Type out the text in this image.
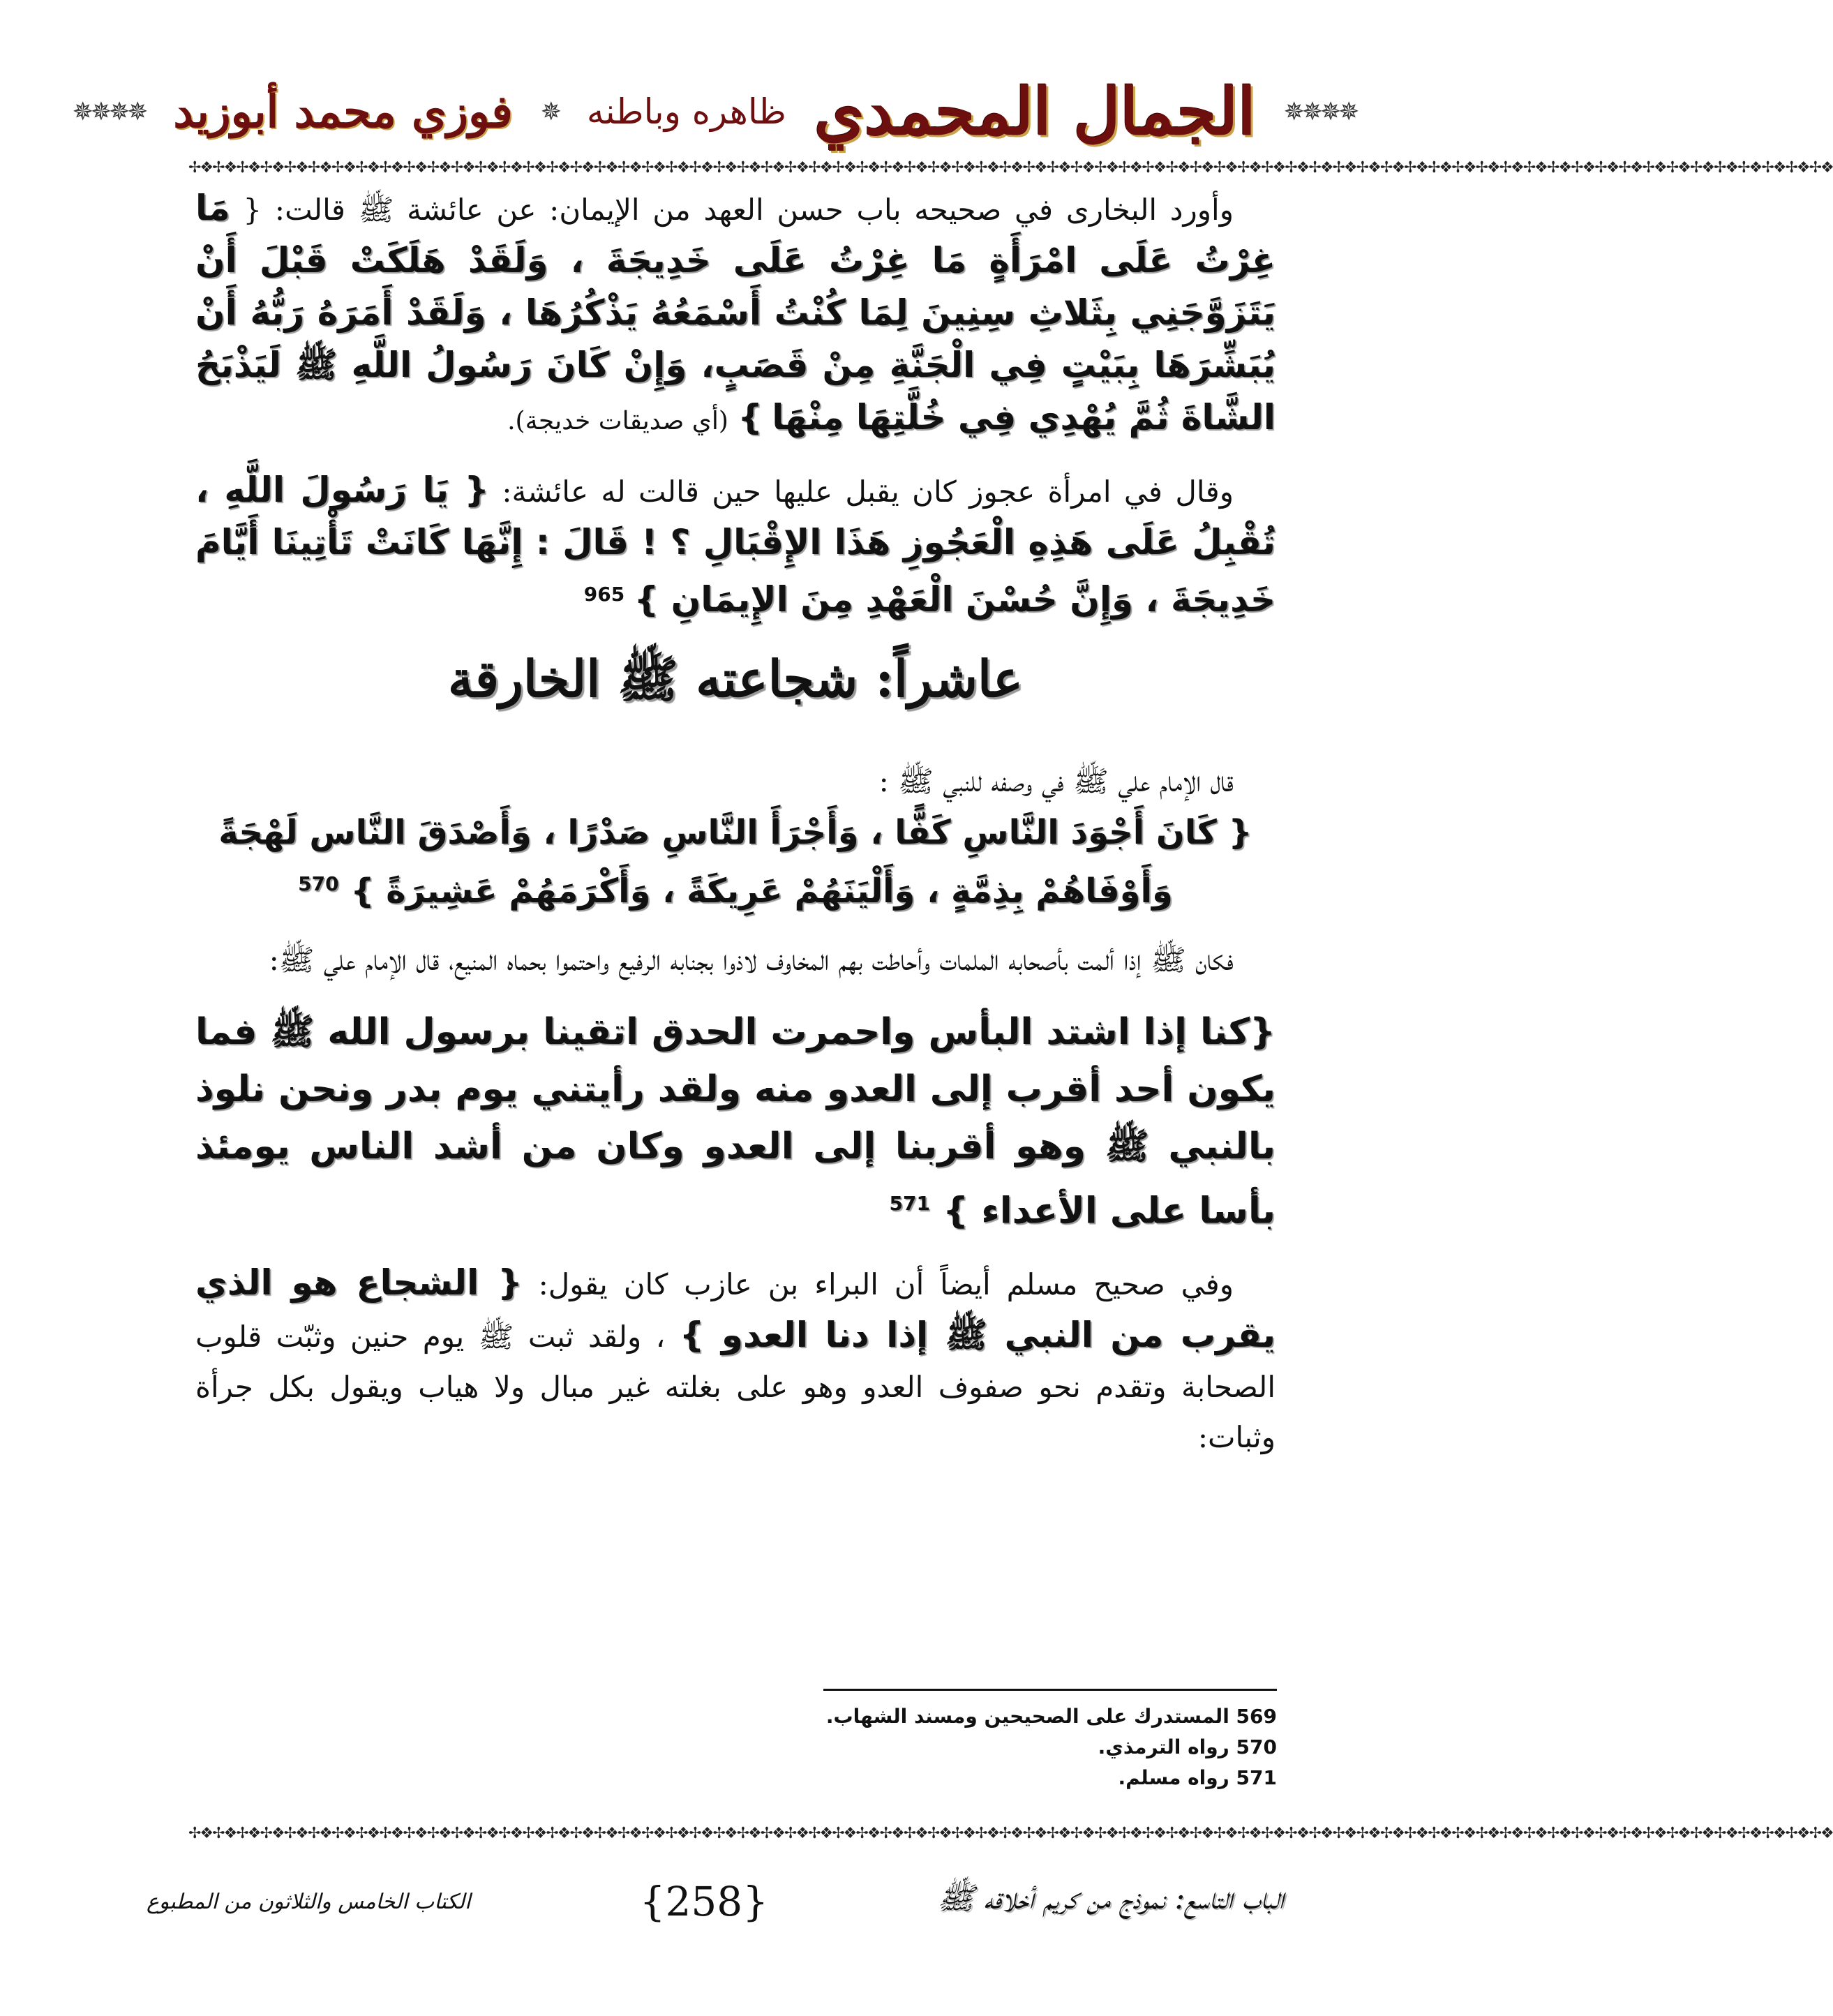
✵✵✵✵
الجمال المحمدي
ظاهره وباطنه
✵
فوزي محمد أبوزيد
✵✵✵✵
✢❖✢❖✢❖✢❖✢❖✢❖✢❖✢❖✢❖✢❖✢❖✢❖✢❖✢❖✢❖✢❖✢❖✢❖✢❖✢❖✢❖✢❖✢❖✢❖✢❖✢❖✢❖✢❖✢❖✢❖✢❖✢❖✢❖✢❖✢❖✢❖✢❖✢❖✢❖✢❖✢❖✢❖✢❖✢❖✢❖✢❖✢❖✢❖✢❖✢❖✢❖✢❖✢❖✢❖✢❖✢❖✢❖✢❖✢❖✢❖✢❖✢❖✢❖✢❖✢❖✢❖✢❖✢❖✢❖

وأورد البخارى في صحيحه باب حسن العهد من الإيمان: عن عائشة ﷺ قالت: { مَا غِرْتُ عَلَى امْرَأَةٍ مَا غِرْتُ عَلَى خَدِيجَةَ ، وَلَقَدْ هَلَكَتْ قَبْلَ أَنْ يَتَزَوَّجَنِي بِثَلاثِ سِنِينَ لِمَا كُنْتُ أَسْمَعُهُ يَذْكُرُهَا ، وَلَقَدْ أَمَرَهُ رَبُّهُ أَنْ يُبَشِّرَهَا بِبَيْتٍ فِي الْجَنَّةِ مِنْ قَصَبٍ، وَإِنْ كَانَ رَسُولُ اللَّهِ ﷺ لَيَذْبَحُ الشَّاةَ ثُمَّ يُهْدِي فِي خُلَّتِهَا مِنْهَا } (أي صديقات خديجة).

وقال في امرأة عجوز كان يقبل عليها حين قالت له عائشة: { يَا رَسُولَ اللَّهِ ، تُقْبِلُ عَلَى هَذِهِ الْعَجُوزِ هَذَا الإِقْبَالِ ؟ ! قَالَ : إِنَّهَا كَانَتْ تَأْتِينَا أَيَّامَ خَدِيجَةَ ، وَإِنَّ حُسْنَ الْعَهْدِ مِنَ الإِيمَانِ } $^{965}$

عاشراً: شجاعته ﷺ الخارقة

قال الإمام علي ﷺ في وصفه للنبي ﷺ :

{ كَانَ أَجْوَدَ النَّاسِ كَفًّا ، وَأَجْرَأَ النَّاسِ صَدْرًا ، وَأَصْدَقَ النَّاس لَهْجَةً وَأَوْفَاهُمْ بِذِمَّةٍ ، وَأَلْيَنَهُمْ عَرِيكَةً ، وَأَكْرَمَهُمْ عَشِيرَةً } $^{570}$

فكان ﷺ إذا ألمت بأصحابه الملمات وأحاطت بهم المخاوف لاذوا بجنابه الرفيع واحتموا بحماه المنيع، قال الإمام علي ﷺ:

{كنا إذا اشتد البأس واحمرت الحدق اتقينا برسول الله ﷺ فما يكون أحد أقرب إلى العدو منه ولقد رأيتني يوم بدر ونحن نلوذ بالنبي ﷺ وهو أقربنا إلى العدو وكان من أشد الناس يومئذ بأسا على الأعداء } $^{571}$

وفي صحيح مسلم أيضاً أن البراء بن عازب كان يقول: { الشجاع هو الذي يقرب من النبي ﷺ إذا دنا العدو } ، ولقد ثبت ﷺ يوم حنين وثبّت قلوب الصحابة وتقدم نحو صفوف العدو وهو على بغلته غير مبال ولا هياب ويقول بكل جرأة وثبات:

569 المستدرك على الصحيحين ومسند الشهاب.
570 رواه الترمذي.
571 رواه مسلم.
✢❖✢❖✢❖✢❖✢❖✢❖✢❖✢❖✢❖✢❖✢❖✢❖✢❖✢❖✢❖✢❖✢❖✢❖✢❖✢❖✢❖✢❖✢❖✢❖✢❖✢❖✢❖✢❖✢❖✢❖✢❖✢❖✢❖✢❖✢❖✢❖✢❖✢❖✢❖✢❖✢❖✢❖✢❖✢❖✢❖✢❖✢❖✢❖✢❖✢❖✢❖✢❖✢❖✢❖✢❖✢❖✢❖✢❖✢❖✢❖✢❖✢❖✢❖✢❖✢❖✢❖✢❖✢❖✢❖
الباب التاسع: نموذج من كريم أخلاقه ﷺ
{258}
الكتاب الخامس والثلاثون من المطبوع
